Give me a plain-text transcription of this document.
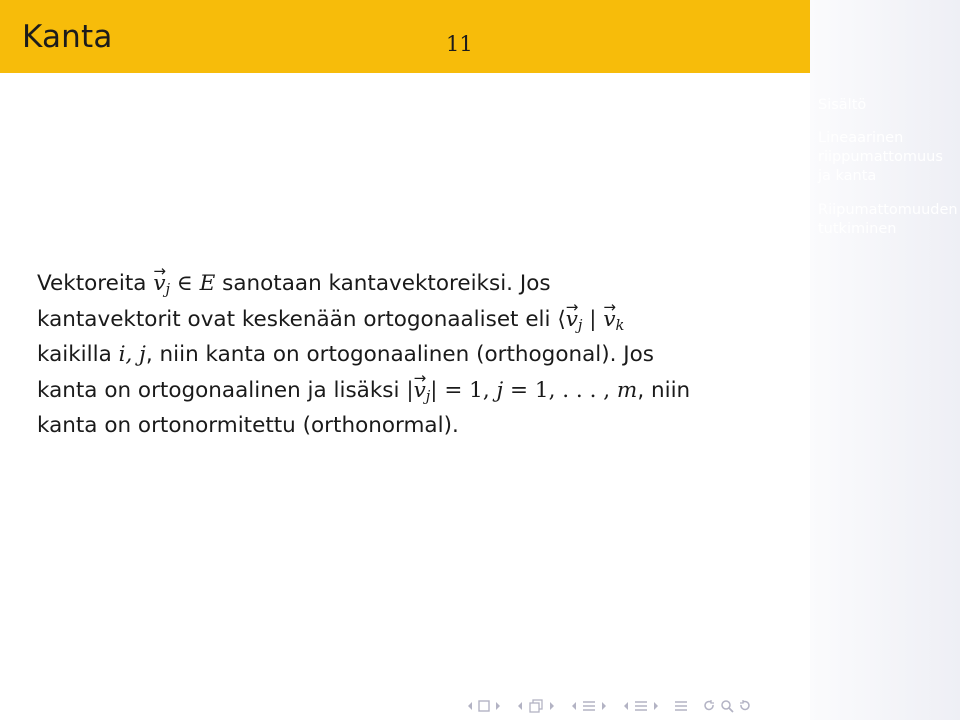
Kanta	11
Sisältö
Lineaarinen
riippumattomuus
ja kanta
Riipumattomuuden
tutkiminen
Vektoreita → $v_j$ ∈ E sanotaan kantavektoreiksi. Jos
kantavektorit ovat keskenään ortogonaaliset eli ⟨→ $v_j$ | → $v_k$
kaikilla i, j, niin kanta on ortogonaalinen (orthogonal). Jos
kanta on ortogonaalinen ja lisäksi |→ $v_j| = 1$, j = 1, . . . , m, niin
kanta on ortonormitettu (orthonormal).
